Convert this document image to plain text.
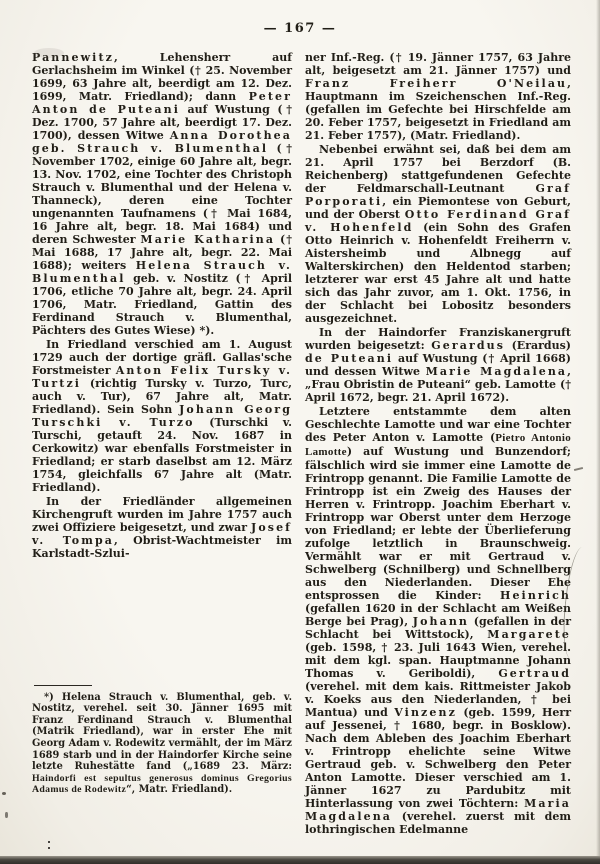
— 167 —

Pannewitz, Lehensherr auf Gerlachsheim im Winkel († 25. November 1699, 63 Jahre alt, beerdigt am 12. Dez. 1699, Matr. Friedland); dann Peter Anton de Puteani auf Wustung († Dez. 1700, 57 Jahre alt, beerdigt 17. Dez. 1700), dessen Witwe Anna Dorothea geb. Strauch v. Blumenthal († November 1702, einige 60 Jahre alt, begr. 13. Nov. 1702, eine Tochter des Christoph Strauch v. Blumenthal und der Helena v. Thanneck), deren eine Tochter ungenannten Taufnamens († Mai 1684, 16 Jahre alt, begr. 18. Mai 1684) und deren Schwester Marie Katharina († Mai 1688, 17 Jahre alt, begr. 22. Mai 1688); weiters Helena Strauch v. Blumenthal geb. v. Nostitz († April 1706, etliche 70 Jahre alt, begr. 24. April 1706, Matr. Friedland, Gattin des Ferdinand Strauch v. Blumenthal, Pächters des Gutes Wiese) *).

In Friedland verschied am 1. August 1729 auch der dortige gräfl. Gallas'sche Forstmeister Anton Felix Tursky v. Turtzi (richtig Tursky v. Turzo, Turc, auch v. Tur), 67 Jahre alt, Matr. Friedland). Sein Sohn Johann Georg Turschki v. Turzo (Turschki v. Turschi, getauft 24. Nov. 1687 in Cerkowitz) war ebenfalls Forstmeister in Friedland; er starb daselbst am 12. März 1754, gleichfalls 67 Jahre alt (Matr. Friedland).

In der Friedländer allgemeinen Kirchengruft wurden im Jahre 1757 auch zwei Offiziere beigesetzt, und zwar Josef v. Tompa, Obrist-Wachtmeister im Karlstadt-Szlui-

*) Helena Strauch v. Blumenthal, geb. v. Nostitz, verehel. seit 30. Jänner 1695 mit Franz Ferdinand Strauch v. Blumenthal (Matrik Friedland), war in erster Ehe mit Georg Adam v. Rodewitz vermählt, der im März 1689 starb und in der Haindorfer Kirche seine letzte Ruhestätte fand („1689 23. März: Haindorfi est sepultus generosus dominus Gregorius Adamus de Rodewitz“, Matr. Friedland).

ner Inf.-Reg. († 19. Jänner 1757, 63 Jahre alt, beigesetzt am 21. Jänner 1757) und Franz Freiherr O'Neilau, Hauptmann im Szeichenschen Inf.-Reg. (gefallen im Gefechte bei Hirschfelde am 20. Feber 1757, beigesetzt in Friedland am 21. Feber 1757), (Matr. Friedland).

Nebenbei erwähnt sei, daß bei dem am 21. April 1757 bei Berzdorf (B. Reichenberg) stattgefundenen Gefechte der Feldmarschall-Leutnant Graf Porporati, ein Piemontese von Geburt, und der Oberst Otto Ferdinand Graf v. Hohenfeld (ein Sohn des Grafen Otto Heinrich v. Hohenfeldt Freiherrn v. Aistersheimb und Albnegg auf Walterskirchen) den Heldentod starben; letzterer war erst 45 Jahre alt und hatte sich das Jahr zuvor, am 1. Okt. 1756, in der Schlacht bei Lobositz besonders ausgezeichnet.

In der Haindorfer Franziskanergruft wurden beigesetzt: Gerardus (Erardus) de Puteani auf Wustung († April 1668) und dessen Witwe Marie Magdalena, „Frau Obristin de Puteani“ geb. Lamotte († April 1672, begr. 21. April 1672).

Letztere entstammte dem alten Geschlechte Lamotte und war eine Tochter des Peter Anton v. Lamotte (Pietro Antonio Lamotte) auf Wustung und Bunzendorf; fälschlich wird sie immer eine Lamotte de Frintropp genannt. Die Familie Lamotte de Frintropp ist ein Zweig des Hauses der Herren v. Frintropp. Joachim Eberhart v. Frintropp war Oberst unter dem Herzoge von Friedland; er lebte der Überlieferung zufolge letztlich in Braunschweig. Vermählt war er mit Gertraud v. Schwelberg (Schnilberg) und Schnellberg aus den Niederlanden. Dieser Ehe entsprossen die Kinder: Heinrich (gefallen 1620 in der Schlacht am Weißen Berge bei Prag), Johann (gefallen in der Schlacht bei Wittstock), Margarete (geb. 1598, † 23. Juli 1643 Wien, verehel. mit dem kgl. span. Hauptmanne Johann Thomas v. Geriboldi), Gertraud (verehel. mit dem kais. Rittmeister Jakob v. Koeks aus den Niederlanden, † bei Mantua) und Vinzenz (geb. 1599, Herr auf Jessenei, † 1680, begr. in Bosklow). Nach dem Ableben des Joachim Eberhart v. Frintropp ehelichte seine Witwe Gertraud geb. v. Schwelberg den Peter Anton Lamotte. Dieser verschied am 1. Jänner 1627 zu Pardubitz mit Hinterlassung von zwei Töchtern: Maria Magdalena (verehel. zuerst mit dem lothringischen Edelmanne
